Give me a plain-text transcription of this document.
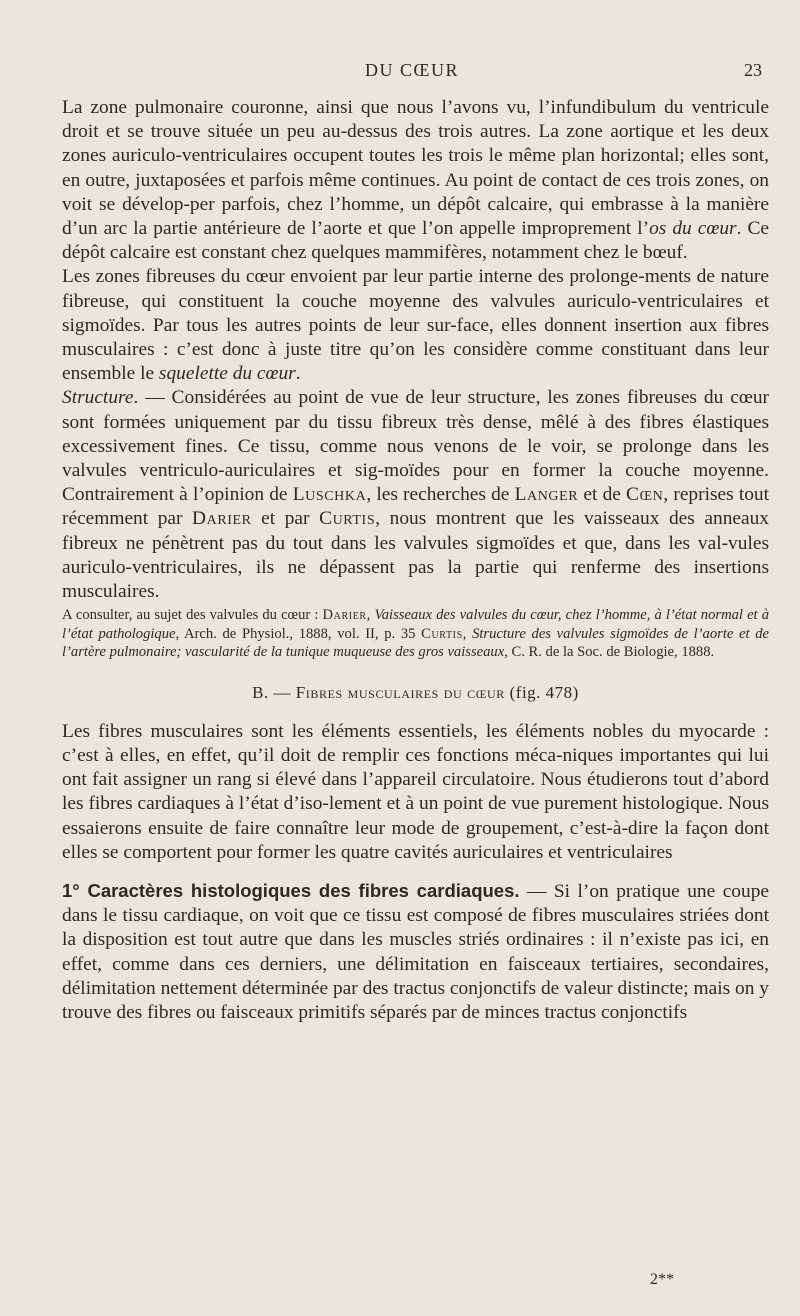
DU CŒUR	23

La zone pulmonaire couronne, ainsi que nous l’avons vu, l’infundibulum du ventricule droit et se trouve située un peu au-dessus des trois autres. La zone aortique et les deux zones auriculo-ventriculaires occupent toutes les trois le même plan horizontal; elles sont, en outre, juxtaposées et parfois même continues. Au point de contact de ces trois zones, on voit se dévelop-per parfois, chez l’homme, un dépôt calcaire, qui embrasse à la manière d’un arc la partie antérieure de l’aorte et que l’on appelle improprement l’os du cœur. Ce dépôt calcaire est constant chez quelques mammifères, notamment chez le bœuf.

Les zones fibreuses du cœur envoient par leur partie interne des prolonge-ments de nature fibreuse, qui constituent la couche moyenne des valvules auriculo-ventriculaires et sigmoïdes. Par tous les autres points de leur sur-face, elles donnent insertion aux fibres musculaires : c’est donc à juste titre qu’on les considère comme constituant dans leur ensemble le squelette du cœur.

Structure. — Considérées au point de vue de leur structure, les zones fibreuses du cœur sont formées uniquement par du tissu fibreux très dense, mêlé à des fibres élastiques excessivement fines. Ce tissu, comme nous venons de le voir, se prolonge dans les valvules ventriculo-auriculaires et sig-moïdes pour en former la couche moyenne. Contrairement à l’opinion de Luschka, les recherches de Langer et de Cœn, reprises tout récemment par Darier et par Curtis, nous montrent que les vaisseaux des anneaux fibreux ne pénètrent pas du tout dans les valvules sigmoïdes et que, dans les val-vules auriculo-ventriculaires, ils ne dépassent pas la partie qui renferme des insertions musculaires.

A consulter, au sujet des valvules du cœur : Darier, Vaisseaux des valvules du cœur, chez l’homme, à l’état normal et à l’état pathologique, Arch. de Physiol., 1888, vol. II, p. 35 Curtis, Structure des valvules sigmoïdes de l’aorte et de l’artère pulmonaire; vascularité de la tunique muqueuse des gros vaisseaux, C. R. de la Soc. de Biologie, 1888.

B. — Fibres musculaires du cœur (fig. 478)

Les fibres musculaires sont les éléments essentiels, les éléments nobles du myocarde : c’est à elles, en effet, qu’il doit de remplir ces fonctions méca-niques importantes qui lui ont fait assigner un rang si élevé dans l’appareil circulatoire. Nous étudierons tout d’abord les fibres cardiaques à l’état d’iso-lement et à un point de vue purement histologique. Nous essaierons ensuite de faire connaître leur mode de groupement, c’est-à-dire la façon dont elles se comportent pour former les quatre cavités auriculaires et ventriculaires

1° Caractères histologiques des fibres cardiaques. — Si l’on pratique une coupe dans le tissu cardiaque, on voit que ce tissu est composé de fibres musculaires striées dont la disposition est tout autre que dans les muscles striés ordinaires : il n’existe pas ici, en effet, comme dans ces derniers, une délimitation en faisceaux tertiaires, secondaires, délimitation nettement déterminée par des tractus conjonctifs de valeur distincte; mais on y trouve des fibres ou faisceaux primitifs séparés par de minces tractus conjonctifs

2**
